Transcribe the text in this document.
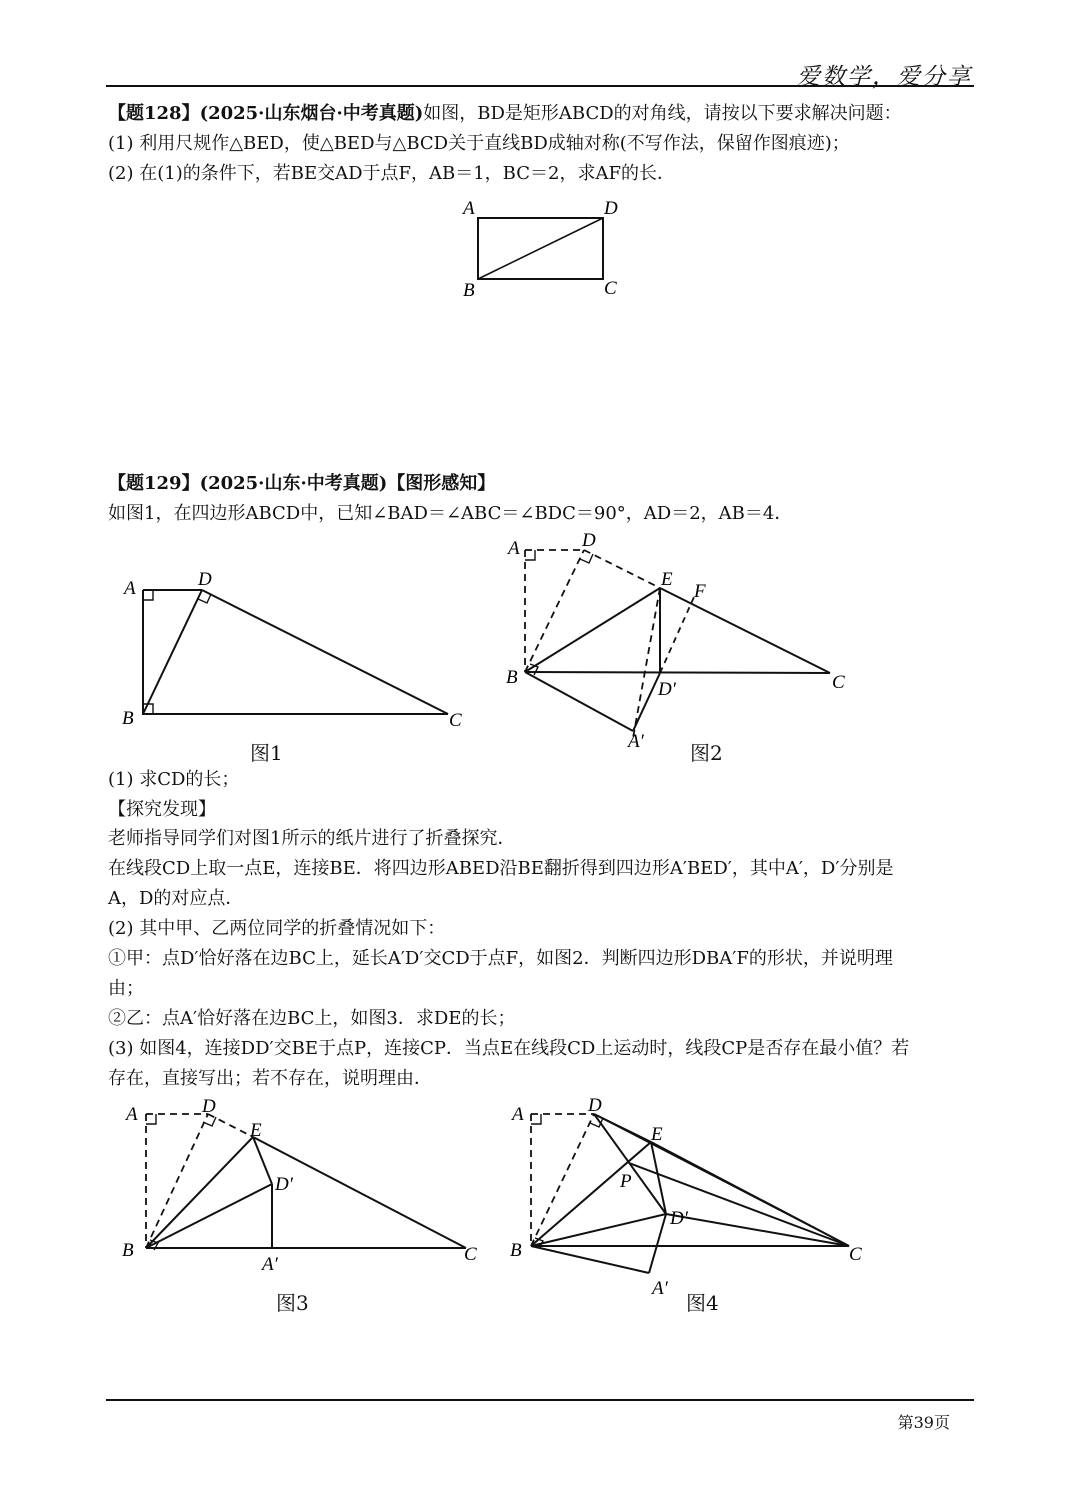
爱数学，爱分享
【题128】(2025·山东烟台·中考真题)如图，BD是矩形ABCD的对角线，请按以下要求解决问题：
(1) 利用尺规作△BED，使△BED与△BCD关于直线BD成轴对称(不写作法，保留作图痕迹)；
(2) 在(1)的条件下，若BE交AD于点F，AB＝1，BC＝2，求AF的长．
A	D
B	C
【题129】(2025·山东·中考真题)【图形感知】
如图1，在四边形ABCD中，已知∠BAD＝∠ABC＝∠BDC＝90°，AD＝2，AB＝4．
A	D
B	C
图1
A	D
E
F
B
D′	C
A′ 图2
(1) 求CD的长；
【探究发现】
老师指导同学们对图1所示的纸片进行了折叠探究．
在线段CD上取一点E，连接BE．将四边形ABED沿BE翻折得到四边形A′BED′，其中A′，D′分别是
A，D的对应点．
(2) 其中甲、乙两位同学的折叠情况如下：
①甲：点D′恰好落在边BC上，延长A′D′交CD于点F，如图2．判断四边形DBA′F的形状，并说明理
由；
②乙：点A′恰好落在边BC上，如图3．求DE的长；
(3) 如图4，连接DD′交BE于点P，连接CP．当点E在线段CD上运动时，线段CP是否存在最小值？若
存在，直接写出；若不存在，说明理由．
A	D
E
D′
B	C
A′
图3
A	D
E
P
D′
B	C
A′
图4
第39页
